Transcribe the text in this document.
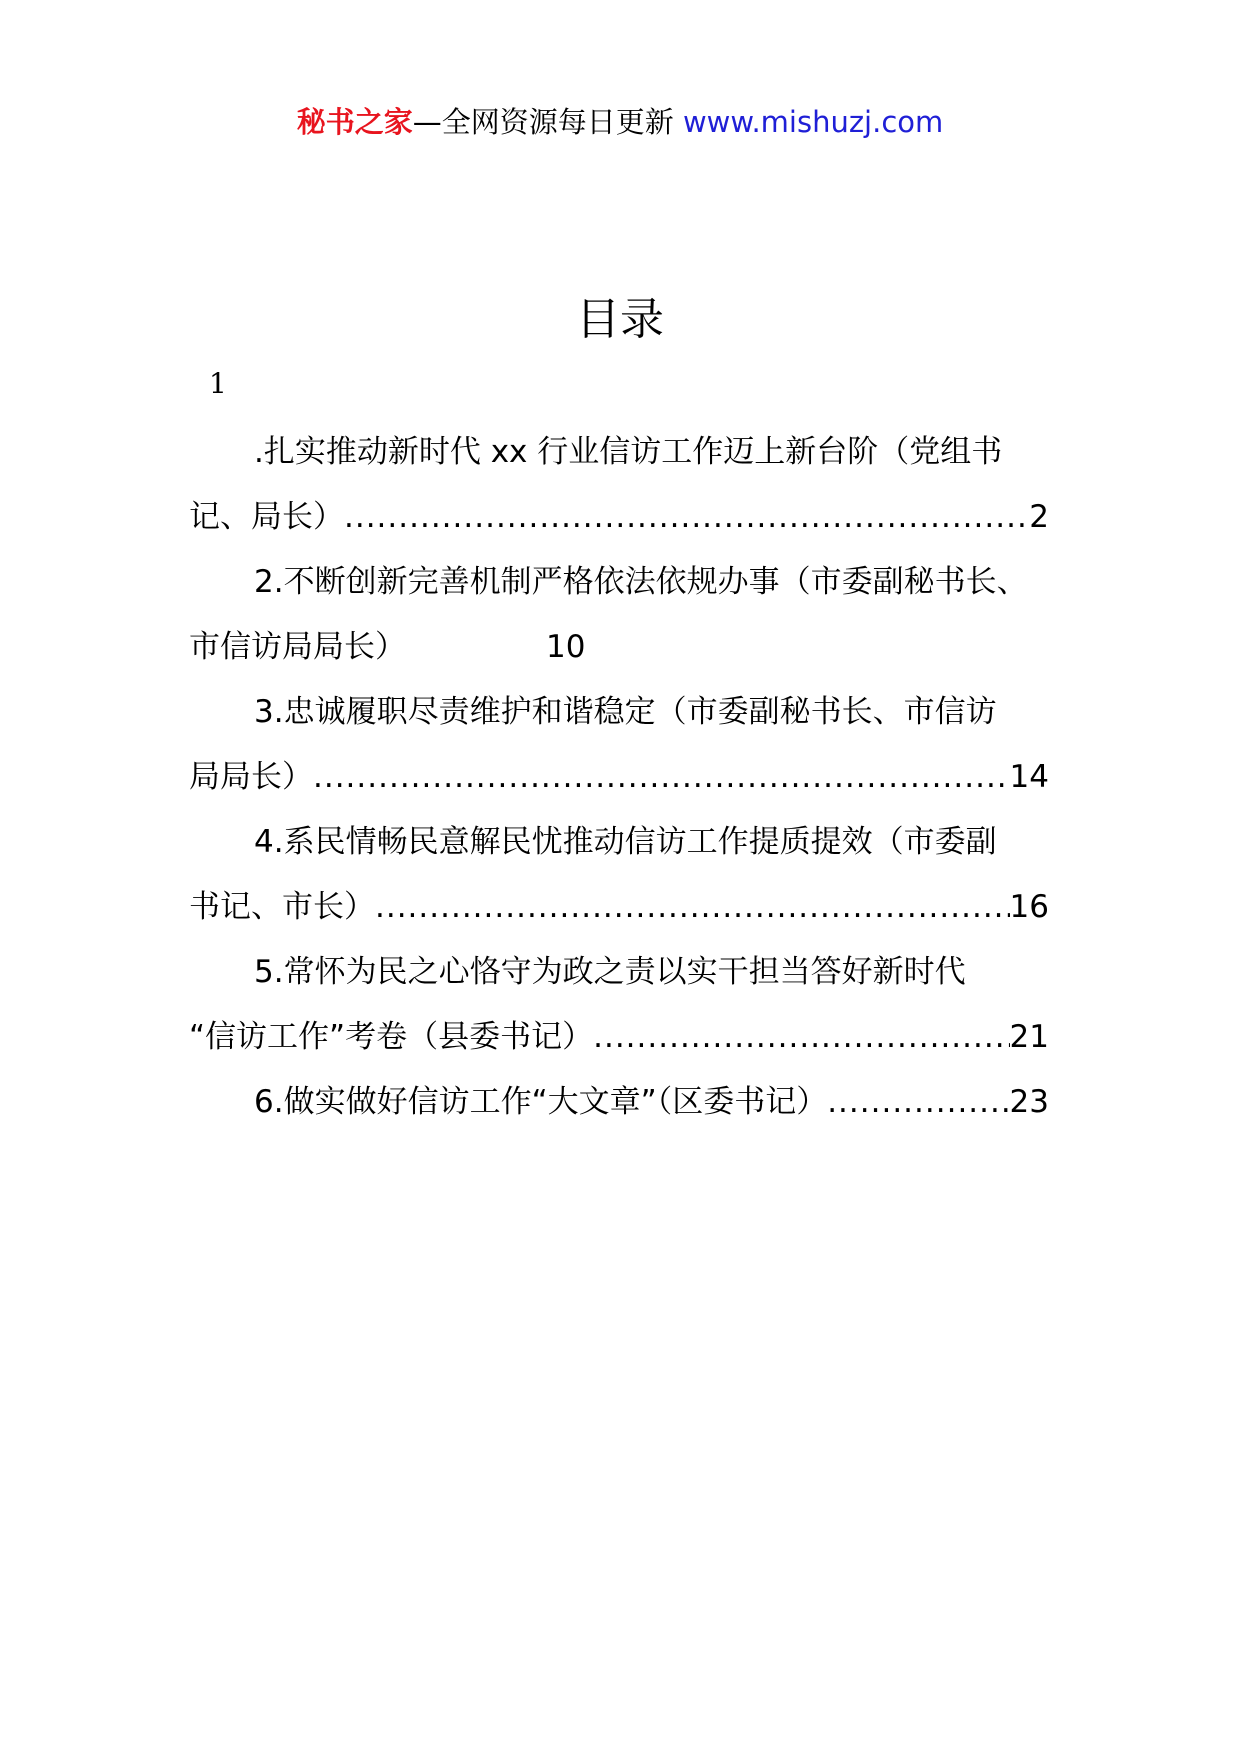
秘书之家—全网资源每日更新 www.mishuzj.com
目录
1
.扎实推动新时代 xx 行业信访工作迈上新台阶（党组书
记、局长） .....	2
2.不断创新完善机制严格依法依规办事（市委副秘书长、
市信访局局长）	10
3.忠诚履职尽责维护和谐稳定（市委副秘书长、市信访
局局长） .....	14
4.系民情畅民意解民忧推动信访工作提质提效（市委副
书记、市长） .....	16
5.常怀为民之心恪守为政之责以实干担当答好新时代
“信访工作”考卷（县委书记） .....	21
6.做实做好信访工作“大文章”（区委书记） .....	23
